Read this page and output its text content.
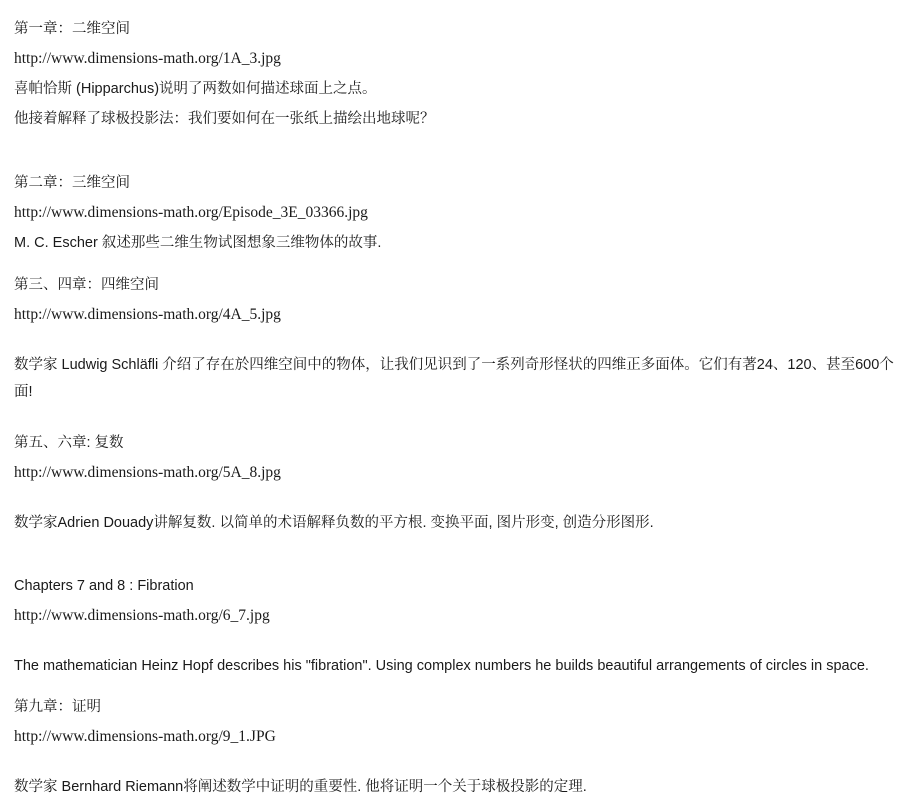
第一章：二维空间
http://www.dimensions-math.org/1A_3.jpg
喜帕恰斯 (Hipparchus)说明了两数如何描述球面上之点。
他接着解释了球极投影法：我们要如何在一张纸上描绘出地球呢？
第二章：三维空间
http://www.dimensions-math.org/Episode_3E_03366.jpg
M. C. Escher 叙述那些二维生物试图想象三维物体的故事.
第三、四章：四维空间
http://www.dimensions-math.org/4A_5.jpg
数学家 Ludwig Schläfli 介绍了存在於四维空间中的物体，让我们见识到了一系列奇形怪状的四维正多面体。它们有著24、120、甚至600个面!
第五、六章: 复数
http://www.dimensions-math.org/5A_8.jpg
数学家Adrien Douady讲解复数. 以简单的术语解释负数的平方根. 变换平面, 图片形变, 创造分形图形.
Chapters 7 and 8 : Fibration
http://www.dimensions-math.org/6_7.jpg
The mathematician Heinz Hopf describes his "fibration". Using complex numbers he builds beautiful arrangements of circles in space.
第九章：证明
http://www.dimensions-math.org/9_1.JPG
数学家 Bernhard Riemann将阐述数学中证明的重要性. 他将证明一个关于球极投影的定理.
